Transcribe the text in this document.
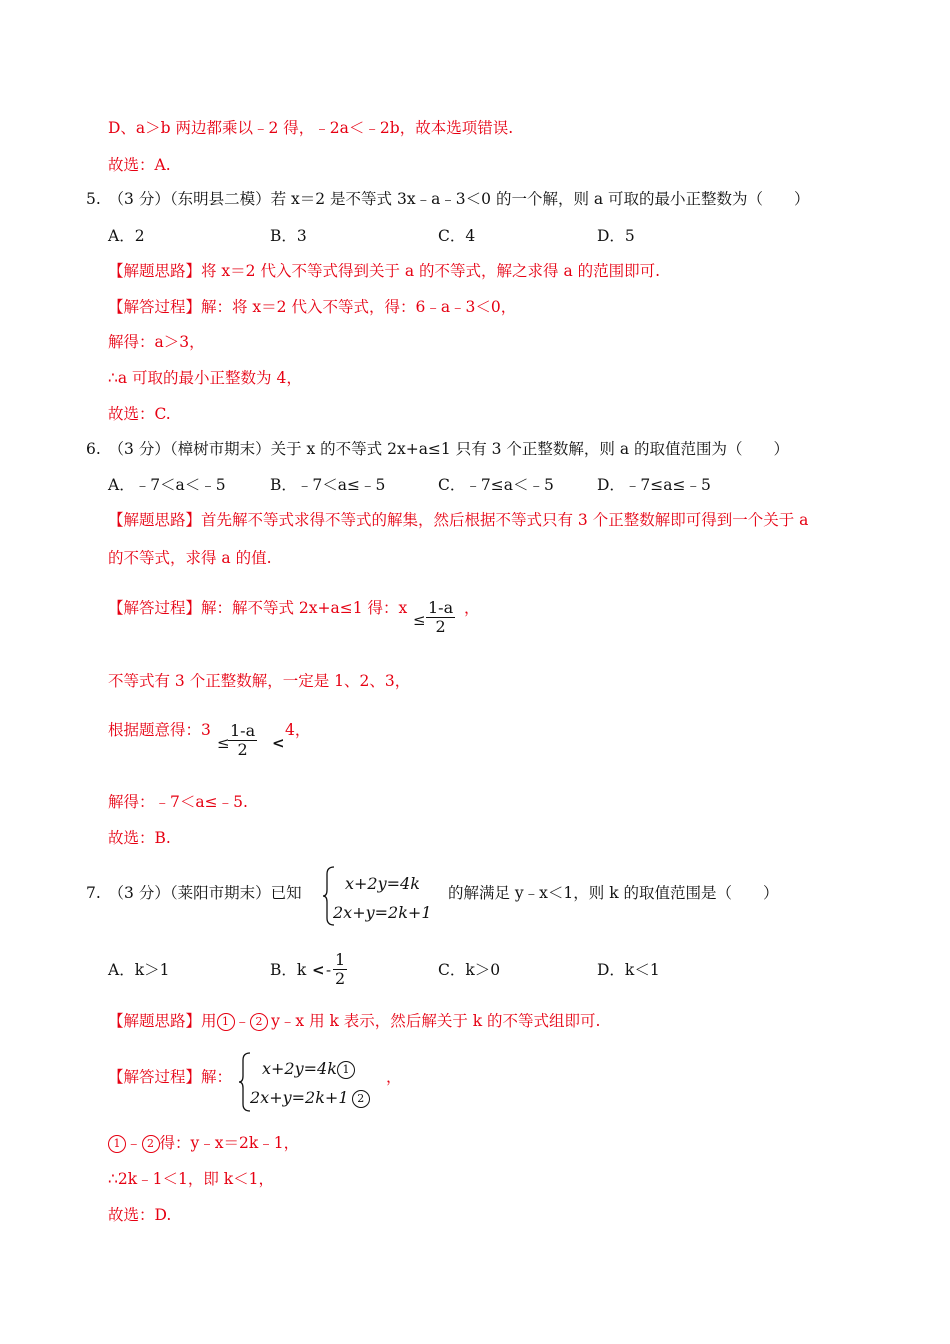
D、a＞b 两边都乘以﹣2 得，﹣2a＜﹣2b，故本选项错误.
故选：A.
5.　（3 分）（东明县二模）若 x＝2 是不等式 3x﹣a﹣3＜0 的一个解，则 a 可取的最小正整数为（　　）
A．2	B．3	C．4	D．5
【解题思路】将 x＝2 代入不等式得到关于 a 的不等式，解之求得 a 的范围即可.
【解答过程】解：将 x＝2 代入不等式，得：6﹣a﹣3＜0，
解得：a＞3，
∴a 可取的最小正整数为 4，
故选：C.
6.　（3 分）（樟树市期末）关于 x 的不等式 2x+a≤1 只有 3 个正整数解，则 a 的取值范围为（　　）
A．﹣7＜a＜﹣5	B．﹣7＜a≤﹣5	C．﹣7≤a＜﹣5	D．﹣7≤a≤﹣5
【解题思路】首先解不等式求得不等式的解集，然后根据不等式只有 3 个正整数解即可得到一个关于 a
的不等式，求得 a 的值.
【解答过程】解：解不等式 2x+a≤1 得：x
≤ $\frac{1-a}{2}$ ，
不等式有 3 个正整数解，一定是 1、2、3，
根据题意得：3
≤
$\frac{1-a}{2}$ <
4，
解得：﹣7＜a≤﹣5.
故选：B.
7.　（3 分）（莱阳市期末）已知	x+2y=4k
2x+y=2k+1
的解满足 y﹣x＜1，则 k 的取值范围是（　　）
A．k＞1	B．k < - $\frac{1}{2}$	C．k＞0	D．k＜1
【解题思路】用 1 ﹣ 2  y﹣x 用 k 表示，然后解关于 k 的不等式组即可.
【解答过程】解： x+2y=4k 1
2x+y=2k+1  2
，
1 ﹣ 2 得：y﹣x＝2k﹣1，
∴2k﹣1＜1，即 k＜1，
故选：D.
